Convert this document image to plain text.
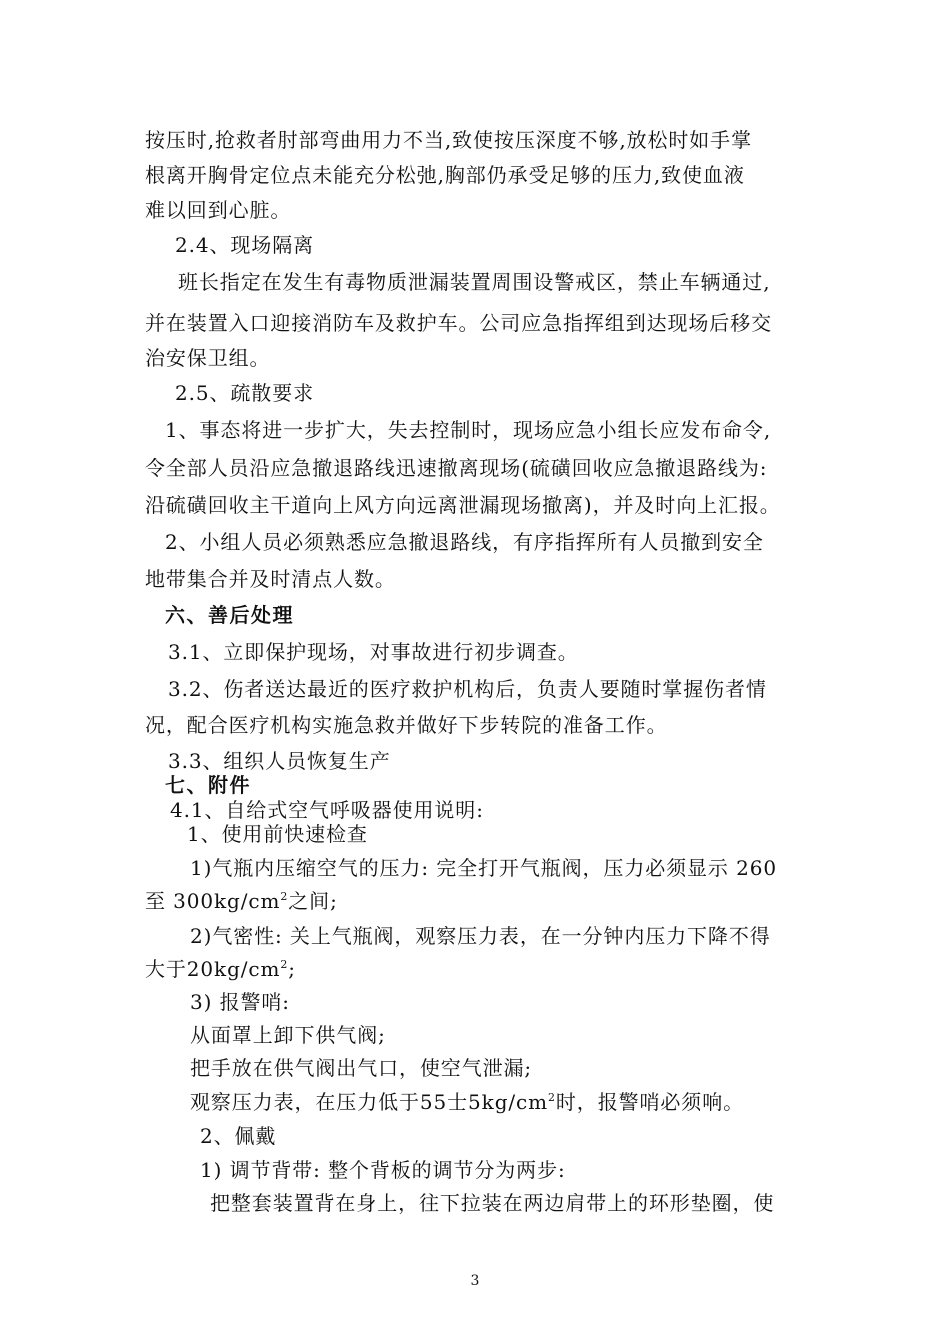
按压时,抢救者肘部弯曲用力不当,致使按压深度不够,放松时如手掌
根离开胸骨定位点未能充分松弛,胸部仍承受足够的压力,致使血液
难以回到心脏。
2.4、现场隔离
班长指定在发生有毒物质泄漏装置周围设警戒区，禁止车辆通过,
并在装置入口迎接消防车及救护车。公司应急指挥组到达现场后移交
治安保卫组。
2.5、疏散要求
1、事态将进一步扩大，失去控制时，现场应急小组长应发布命令,
令全部人员沿应急撤退路线迅速撤离现场(硫磺回收应急撤退路线为:
沿硫磺回收主干道向上风方向远离泄漏现场撤离)，并及时向上汇报。
2、小组人员必须熟悉应急撤退路线，有序指挥所有人员撤到安全
地带集合并及时清点人数。
六、善后处理
3.1、立即保护现场，对事故进行初步调查。
3.2、伤者送达最近的医疗救护机构后，负责人要随时掌握伤者情
况，配合医疗机构实施急救并做好下步转院的准备工作。
3.3、组织人员恢复生产
七、附件
4.1、自给式空气呼吸器使用说明:
1、使用前快速检查
1)气瓶内压缩空气的压力: 完全打开气瓶阀，压力必须显示 260
至 $300kg/cm^2$之间;
2)气密性: 关上气瓶阀，观察压力表，在一分钟内压力下降不得
大于$20kg/cm^2$;
3) 报警哨:
从面罩上卸下供气阀;
把手放在供气阀出气口，使空气泄漏;
观察压力表，在压力低于55士$5kg/cm^2$时，报警哨必须响。
2、佩戴
1) 调节背带: 整个背板的调节分为两步:
把整套装置背在身上，往下拉装在两边肩带上的环形垫圈，使
3
